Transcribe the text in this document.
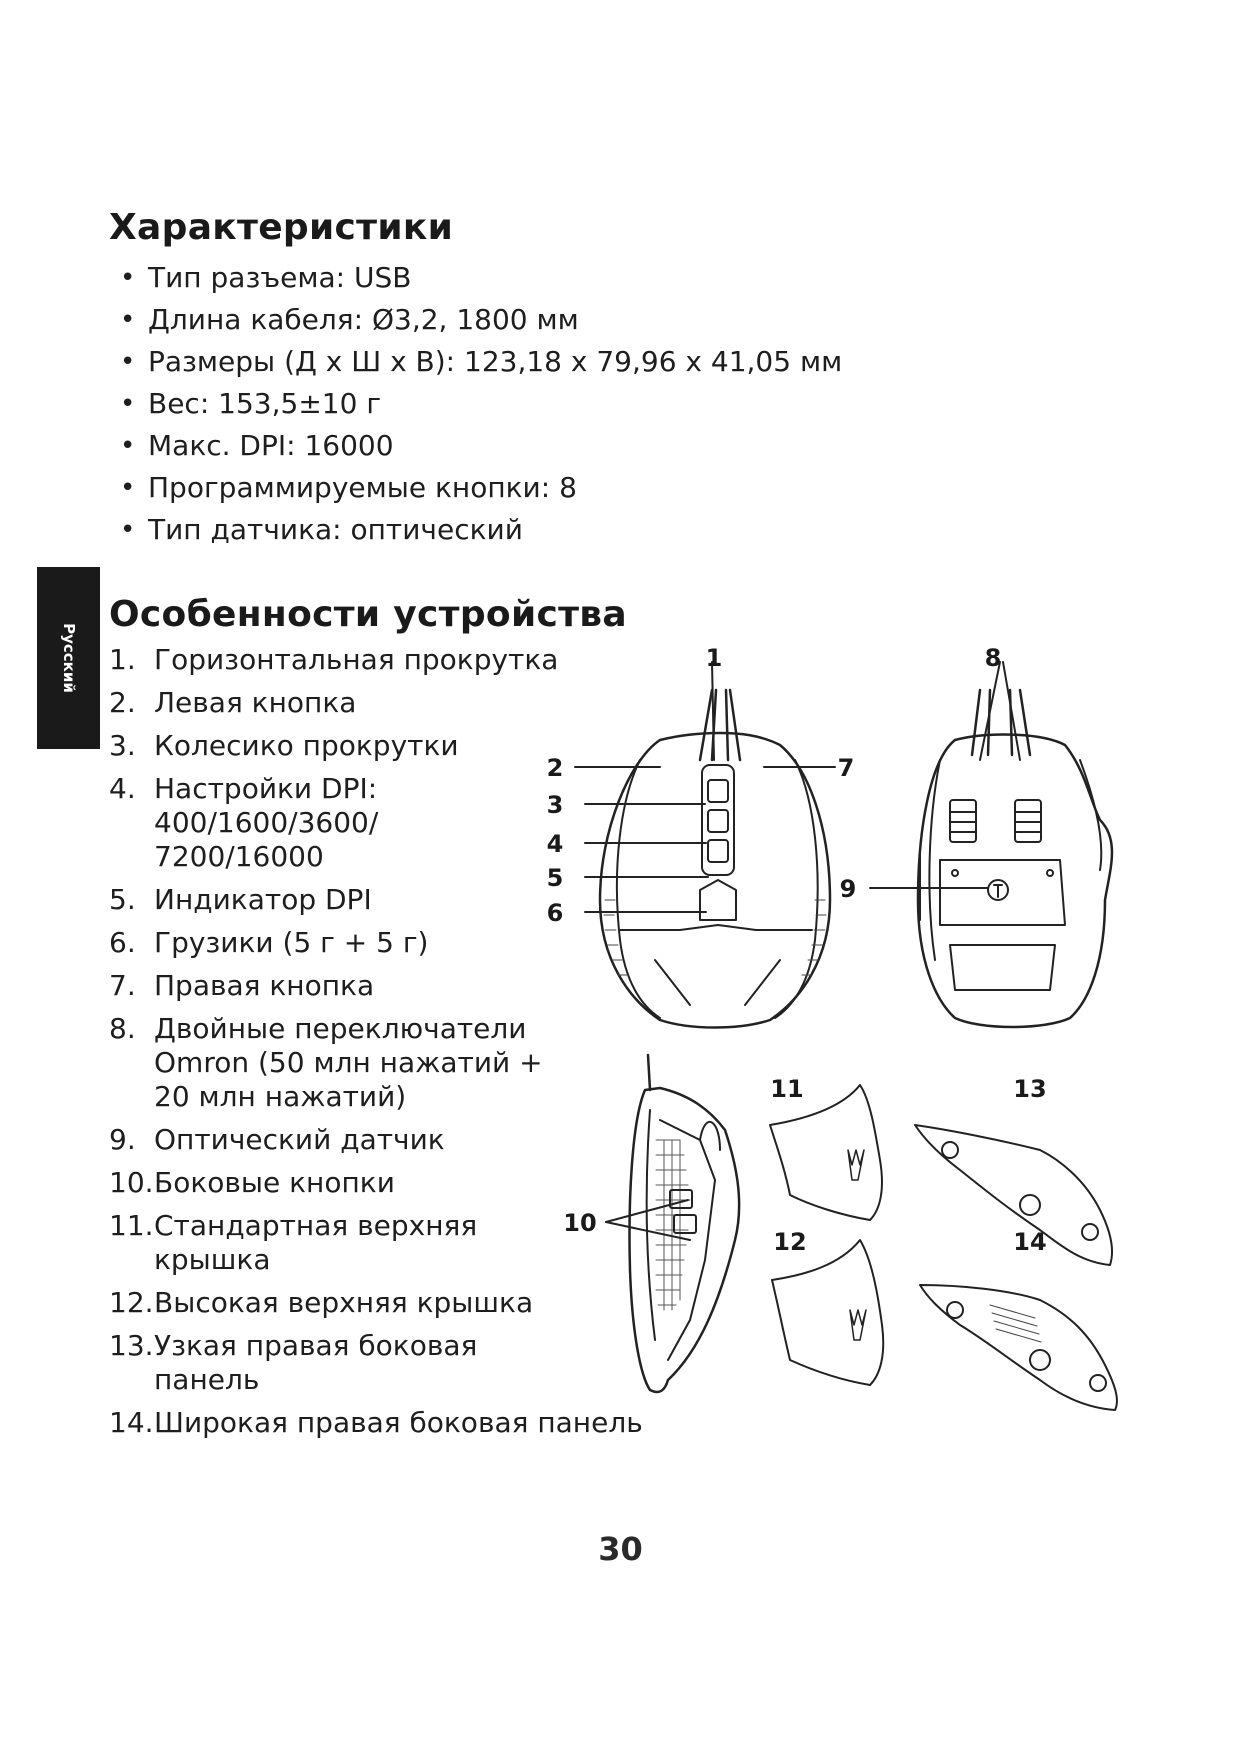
Русский
Характеристики
• Тип разъема: USB
• Длина кабеля: Ø3,2, 1800 мм
• Размеры (Д x Ш x В): 123,18 x 79,96 x 41,05 мм
• Вес: 153,5±10 г
• Макс. DPI: 16000
• Программируемые кнопки: 8
• Тип датчика: оптический
Особенности устройства
1. Горизонтальная прокрутка
2. Левая кнопка
3. Колесико прокрутки
4. Настройки DPI:
400/1600/3600/
7200/16000
5. Индикатор DPI
6. Грузики (5 г + 5 г)
7. Правая кнопка
8. Двойные переключатели
Omron (50 млн нажатий +
20 млн нажатий)
9. Оптический датчик
10. Боковые кнопки
11. Стандартная верхняя
крышка
12. Высокая верхняя крышка
13. Узкая правая боковая
панель
14. Широкая правая боковая панель
1
2
3
4
5
6
7
8
9
10
11
12
13
14
30
